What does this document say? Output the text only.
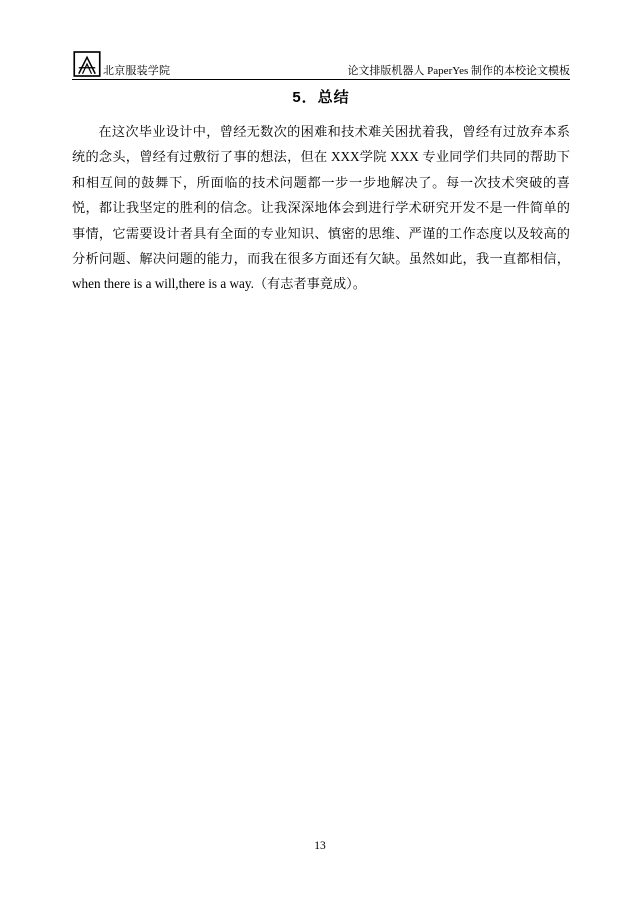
北京服装学院	论文排版机器人 PaperYes 制作的本校论文模板
5．总结
在这次毕业设计中，曾经无数次的困难和技术难关困扰着我，曾经有过放弃本系统的念头，曾经有过敷衍了事的想法，但在 XXX学院 XXX 专业同学们共同的帮助下和相互间的鼓舞下，所面临的技术问题都一步一步地解决了。每一次技术突破的喜悦，都让我坚定的胜利的信念。让我深深地体会到进行学术研究开发不是一件简单的事情，它需要设计者具有全面的专业知识、慎密的思维、严谨的工作态度以及较高的分析问题、解决问题的能力，而我在很多方面还有欠缺。虽然如此，我一直都相信，when there is a will,there is a way.（有志者事竟成）。
13
